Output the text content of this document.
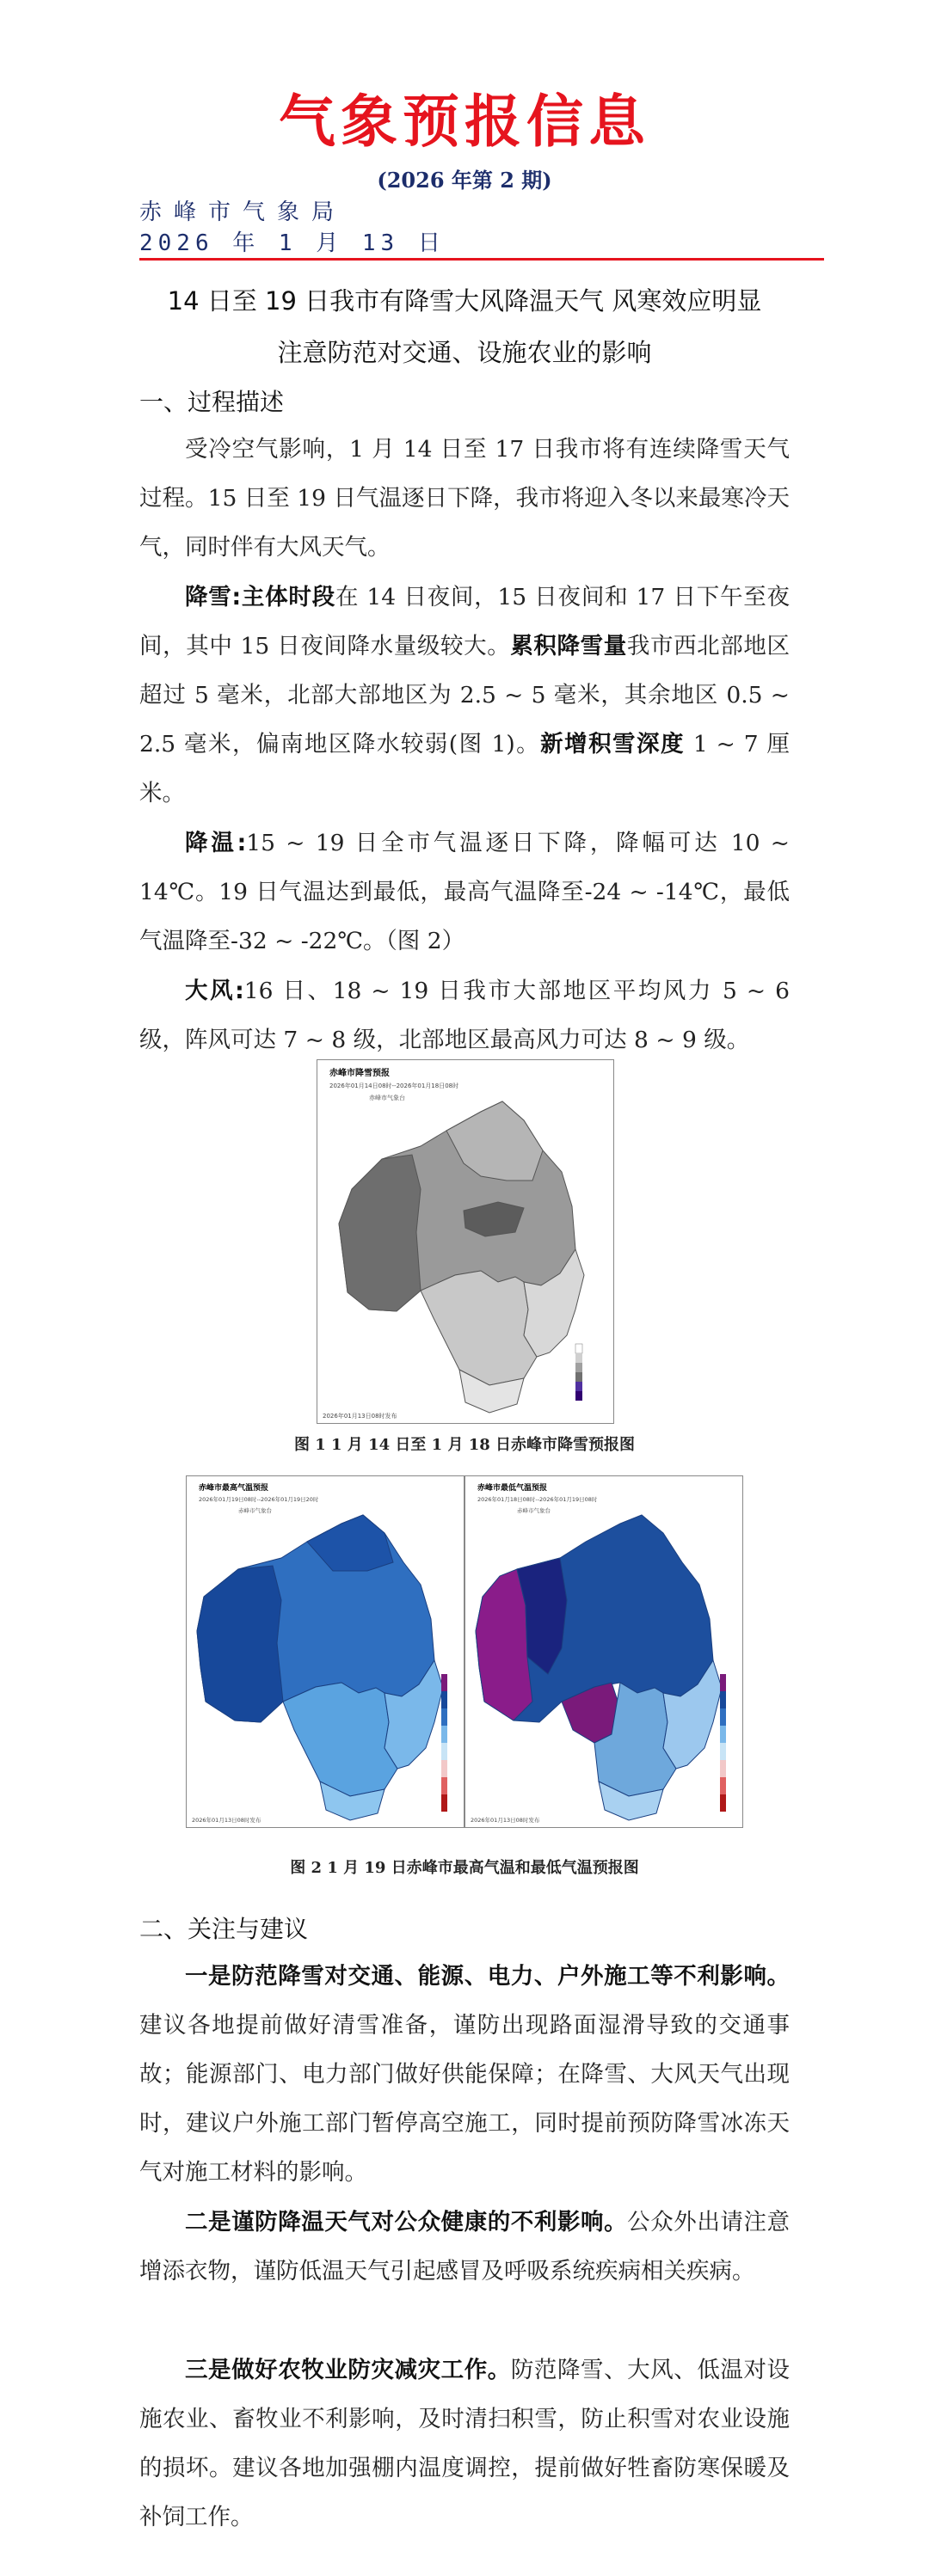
气象预报信息
(2026 年第 2 期)
赤峰市气象局
2026 年 1 月 13 日
14 日至 19 日我市有降雪大风降温天气 风寒效应明显
注意防范对交通、设施农业的影响
一、过程描述
受冷空气影响，1 月 14 日至 17 日我市将有连续降雪天气过程。15 日至 19 日气温逐日下降，我市将迎入冬以来最寒冷天气，同时伴有大风天气。
降雪:主体时段在 14 日夜间，15 日夜间和 17 日下午至夜间，其中 15 日夜间降水量级较大。累积降雪量我市西北部地区超过 5 毫米，北部大部地区为 2.5 ~ 5 毫米，其余地区 0.5 ~ 2.5 毫米，偏南地区降水较弱(图 1)。新增积雪深度 1 ~ 7 厘米。
降温:15 ~ 19 日全市气温逐日下降，降幅可达 10 ~ 14℃。19 日气温达到最低，最高气温降至-24 ~ -14℃，最低气温降至-32 ~ -22℃。（图 2）
大风:16 日、18 ~ 19 日我市大部地区平均风力 5 ~ 6 级，阵风可达 7 ~ 8 级，北部地区最高风力可达 8 ~ 9 级。
赤峰市降雪预报
2026年01月14日08时--2026年01月18日08时
赤峰市气象台
2026年01月13日08时发布
图 1 1 月 14 日至 1 月 18 日赤峰市降雪预报图
赤峰市最高气温预报
2026年01月19日08时--2026年01月19日20时
赤峰市气象台
2026年01月13日08时发布
赤峰市最低气温预报
2026年01月18日08时--2026年01月19日08时
赤峰市气象台
2026年01月13日08时发布
图 2 1 月 19 日赤峰市最高气温和最低气温预报图
二、关注与建议
一是防范降雪对交通、能源、电力、户外施工等不利影响。建议各地提前做好清雪准备，谨防出现路面湿滑导致的交通事故；能源部门、电力部门做好供能保障；在降雪、大风天气出现时，建议户外施工部门暂停高空施工，同时提前预防降雪冰冻天气对施工材料的影响。
二是谨防降温天气对公众健康的不利影响。公众外出请注意增添衣物，谨防低温天气引起感冒及呼吸系统疾病相关疾病。
三是做好农牧业防灾减灾工作。防范降雪、大风、低温对设施农业、畜牧业不利影响，及时清扫积雪，防止积雪对农业设施的损坏。建议各地加强棚内温度调控，提前做好牲畜防寒保暖及补饲工作。
